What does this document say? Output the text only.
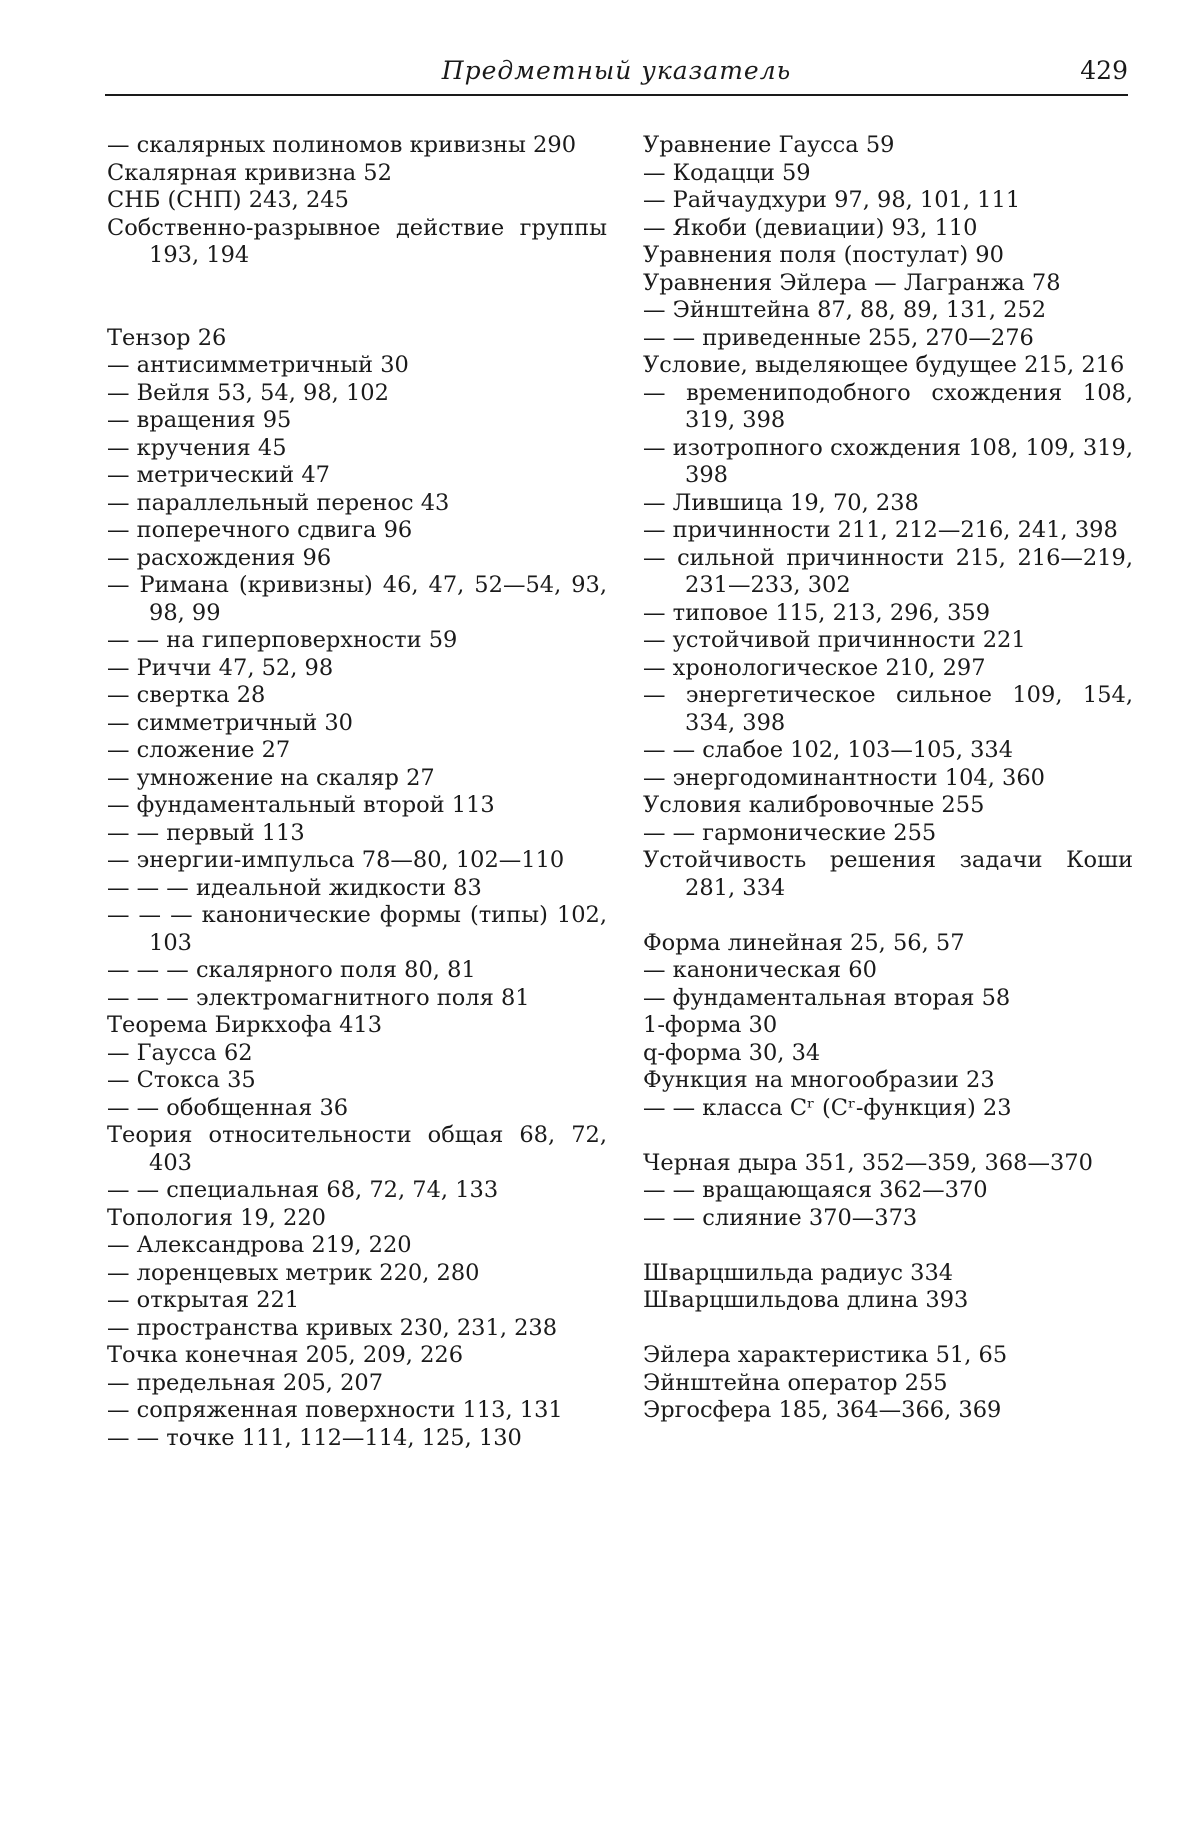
Предметный указатель	429

— скалярных полиномов кривизны 290

Скалярная кривизна 52

СНБ (СНП) 243, 245

Собственно-разрывное действие группы 193, 194

Тензор 26

— антисимметричный 30

— Вейля 53, 54, 98, 102

— вращения 95

— кручения 45

— метрический 47

— параллельный перенос 43

— поперечного сдвига 96

— расхождения 96

— Римана (кривизны) 46, 47, 52—54, 93, 98, 99

— — на гиперповерхности 59

— Риччи 47, 52, 98

— свертка 28

— симметричный 30

— сложение 27

— умножение на скаляр 27

— фундаментальный второй 113

— — первый 113

— энергии-импульса 78—80, 102—110

— — — идеальной жидкости 83

— — — канонические формы (типы) 102, 103

— — — скалярного поля 80, 81

— — — электромагнитного поля 81

Теорема Биркхофа 413

— Гаусса 62

— Стокса 35

— — обобщенная 36

Теория относительности общая 68, 72, 403

— — специальная 68, 72, 74, 133

Топология 19, 220

— Александрова 219, 220

— лоренцевых метрик 220, 280

— открытая 221

— пространства кривых 230, 231, 238

Точка конечная 205, 209, 226

— предельная 205, 207

— сопряженная поверхности 113, 131

— — точке 111, 112—114, 125, 130

Уравнение Гаусса 59

— Кодацци 59

— Райчаудхури 97, 98, 101, 111

— Якоби (девиации) 93, 110

Уравнения поля (постулат) 90

Уравнения Эйлера — Лагранжа 78

— Эйнштейна 87, 88, 89, 131, 252

— — приведенные 255, 270—276

Условие, выделяющее будущее 215, 216

— времениподобного схождения 108, 319, 398

— изотропного схождения 108, 109, 319, 398

— Лившица 19, 70, 238

— причинности 211, 212—216, 241, 398

— сильной причинности 215, 216—219, 231—233, 302

— типовое 115, 213, 296, 359

— устойчивой причинности 221

— хронологическое 210, 297

— энергетическое сильное 109, 154, 334, 398

— — слабое 102, 103—105, 334

— энергодоминантности 104, 360

Условия калибровочные 255

— — гармонические 255

Устойчивость решения задачи Коши 281, 334

Форма линейная 25, 56, 57

— каноническая 60

— фундаментальная вторая 58

1-форма 30

q-форма 30, 34

Функция на многообразии 23

— — класса Cʳ (Cʳ-функция) 23

Черная дыра 351, 352—359, 368—370

— — вращающаяся 362—370

— — слияние 370—373

Шварцшильда радиус 334

Шварцшильдова длина 393

Эйлера характеристика 51, 65

Эйнштейна оператор 255

Эргосфера 185, 364—366, 369
